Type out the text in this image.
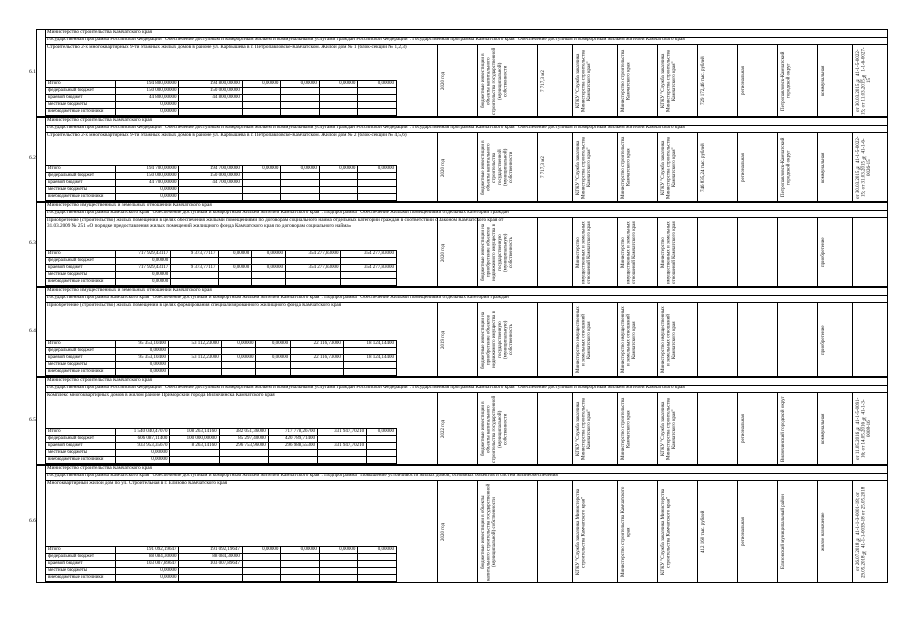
6.1
Министерство строительства Камчатского края
Государственная программа Российской Федерации "Обеспечение доступным и комфортным жильем и коммунальными услугами граждан Российской Федерации". Государственная программа Камчатского края "Обеспечение доступным и комфортным жильем жителей Камчатского края"
Строительство 2-х многоквартирных 9-ти этажных жилых домов в районе ул. Карбышева в г. Петропавловске-Камчатском. Жилой дом № 1 (блок-секции № 1,2,3)
Итого	194 800,00000	194 800,00000	0,00000	0,00000	0,00000	0,00000
федеральный бюджет	150 000,00000	150 000,00000				
краевой бюджет	44 800,00000	44 800,00000				
местные бюджеты	0,00000					
внебюджетные источники	0,00000					
2020 год	бюджетные инвестиции в объекты капитального строительства государственной (муниципальной) собственности	7 717,3 м2	КГКУ "Служба заказчика Министерства строительства Камчатского края"	Министерство строительства Камчатского края	КГКУ "Служба заказчика Министерства строительства Камчатского края"	729 172,46 тыс. рублей	региональная	Петропавловск-Камчатский городской округ	коммунальная	от 30.03.2015 № 41-1-5-0022-15; от 11.03.2015 № 1-1-6-0027-15
6.2
Министерство строительства Камчатского края
Государственная программа Российской Федерации "Обеспечение доступным и комфортным жильем и коммунальными услугами граждан Российской Федерации". Государственная программа Камчатского края "Обеспечение доступным и комфортным жильем жителей Камчатского края"
Строительство 2-х многоквартирных 9-ти этажных жилых домов в районе ул. Карбышева в г. Петропавловске-Камчатском. Жилой дом № 2 (блок-секции № 4,5,6)
Итого	194 700,00000	194 700,00000	0,00000	0,00000	0,00000	0,00000
федеральный бюджет	150 000,00000	150 000,00000				
краевой бюджет	44 700,00000	44 700,00000				
местные бюджеты	0,00000					
внебюджетные источники	0,00000					
2020 год	бюджетные инвестиции в объекты капитального строительства государственной (муниципальной) собственности	7 717,3 м2	КГКУ "Служба заказчика Министерства строительства Камчатского края"	Министерство строительства Камчатского края	КГКУ "Служба заказчика Министерства строительства Камчатского края"	746 835,24 тыс. рублей	региональная	Петропавловск-Камчатский городской округ	коммунальная	от 30.03.2015 № 41-1-5-0022-15; от 31.03.2015 № 41-1-6-0026-15
6.3
Министерство имущественных и земельных отношений Камчатского края
Государственная программа Камчатского края "Обеспечение доступным и комфортным жильем жителей Камчатского края". Подпрограмма "Обеспечение жилыми помещениями отдельных категорий граждан"
Приобретение (строительство) жилых помещений в целях обеспечения жилыми помещениями по договорам социального найма отдельных категорий граждан в соответствии с Законом Камчатского края от 31.03.2009 № 251 «О порядке предоставления жилых помещений жилищного фонда Камчатского края по договорам социального найма»
Итого	717 929,43117	9 373,77117	0,00000	0,00000	354 277,83000	354 277,83000
федеральный бюджет	0,00000					
краевой бюджет	717 929,43117	9 373,77117	0,00000	0,00000	354 277,83000	354 277,83000
местные бюджеты	0,00000					
внебюджетные источники	0,00000					
2020 год	бюджетные инвестиции на приобретение объектов недвижимого имущества в государственную (муниципальную) собственность	Министерство имущественных и земельных отношений Камчатского края	Министерство имущественных и земельных отношений Камчатского края	Министерство имущественных и земельных отношений Камчатского края	приобретение
6.4
Министерство имущественных и земельных отношений Камчатского края
Государственная программа Камчатского края "Обеспечение доступным и комфортным жильем жителей Камчатского края". Подпрограмма "Обеспечение жилыми помещениями отдельных категорий граждан"
Приобретение (строительство) жилых помещений в целях формирования специализированного жилищного фонда Камчатского края
Итого	95 353,10400	53 112,23000	0,00000	0,00000	22 116,73000	18 124,14400
федеральный бюджет	0,00000					
краевой бюджет	95 353,10400	53 112,23000	0,00000	0,00000	22 116,73000	18 124,14400
местные бюджеты	0,00000					
внебюджетные источники	0,00000					
2019 год	бюджетные инвестиции на приобретение объектов недвижимого имущества в государственную (муниципальную) собственность	Министерство имущественных и земельных отношений Камчатского края	Министерство имущественных и земельных отношений Камчатского края	Министерство имущественных и земельных отношений Камчатского края	приобретение
6.5
Министерство строительства Камчатского края
Государственная программа Российской Федерации "Обеспечение доступным и комфортным жильем и коммунальными услугами граждан Российской Федерации". Государственная программа Камчатского края "Обеспечение доступным и комфортным жильем жителей Камчатского края"
Комплекс многоквартирных домов в жилом районе Приморский города Вилючинска Камчатского края
Итого	1 540 040,47070	108 263,14160	382 051,36000	717 778,26700	331 947,70210	0,00000
федеральный бюджет	606 087,11400	100 000,00000	85 297,40000	420 789,71400		
краевой бюджет	933 953,35670	8 263,14160	296 753,96000	296 988,55300	331 947,70210	
местные бюджеты	0,00000					
внебюджетные источники	0,00000					
2022 год	бюджетные инвестиции в объекты капитального строительства государственной (муниципальной) собственности	КГКУ "Служба заказчика Министерства строительства Камчатского края"	Министерство строительства Камчатского края	КГКУ "Служба заказчика Министерства строительства Камчатского края"	региональная	Вилючинский городской округ	коммунальная	от 11.05.2016 № 41-1-5-0091-16; от 14.05.2016 № 41-1-3-0008-16
6.6
Министерство строительства Камчатского края
Государственная программа Камчатского края "Обеспечение доступным и комфортным жильем жителей Камчатского края". Подпрограмма "Повышение устойчивости жилых домов, основных объектов и систем жизнеобеспечения"
Многоквартирный жилой дом по ул. Строительная в г. Елизово Камчатского края
Итого	191 092,19647	191 092,19647	0,00000	0,00000	0,00000	0,00000
федеральный бюджет	88 084,30000	88 084,30000				
краевой бюджет	103 007,89647	103 007,89647				
местные бюджеты	0,00000					
внебюджетные источники	0,00000					
2020 год	бюджетные инвестиции в объекты капитального строительства государственной (муниципальной) собственности	КГКУ "Служба заказчика Министерства строительства Камчатского края"	Министерство строительства Камчатского края	КГКУ "Служба заказчика Министерства строительства Камчатского края"	412 160 тыс. рублей	региональная	Елизовский муниципальный район	жилое назначение	от 26.07.2018 № 41-1-1-3-0001-18; от 29.05.2018 № 41-1-1-0039-18 от 25.05.2018
